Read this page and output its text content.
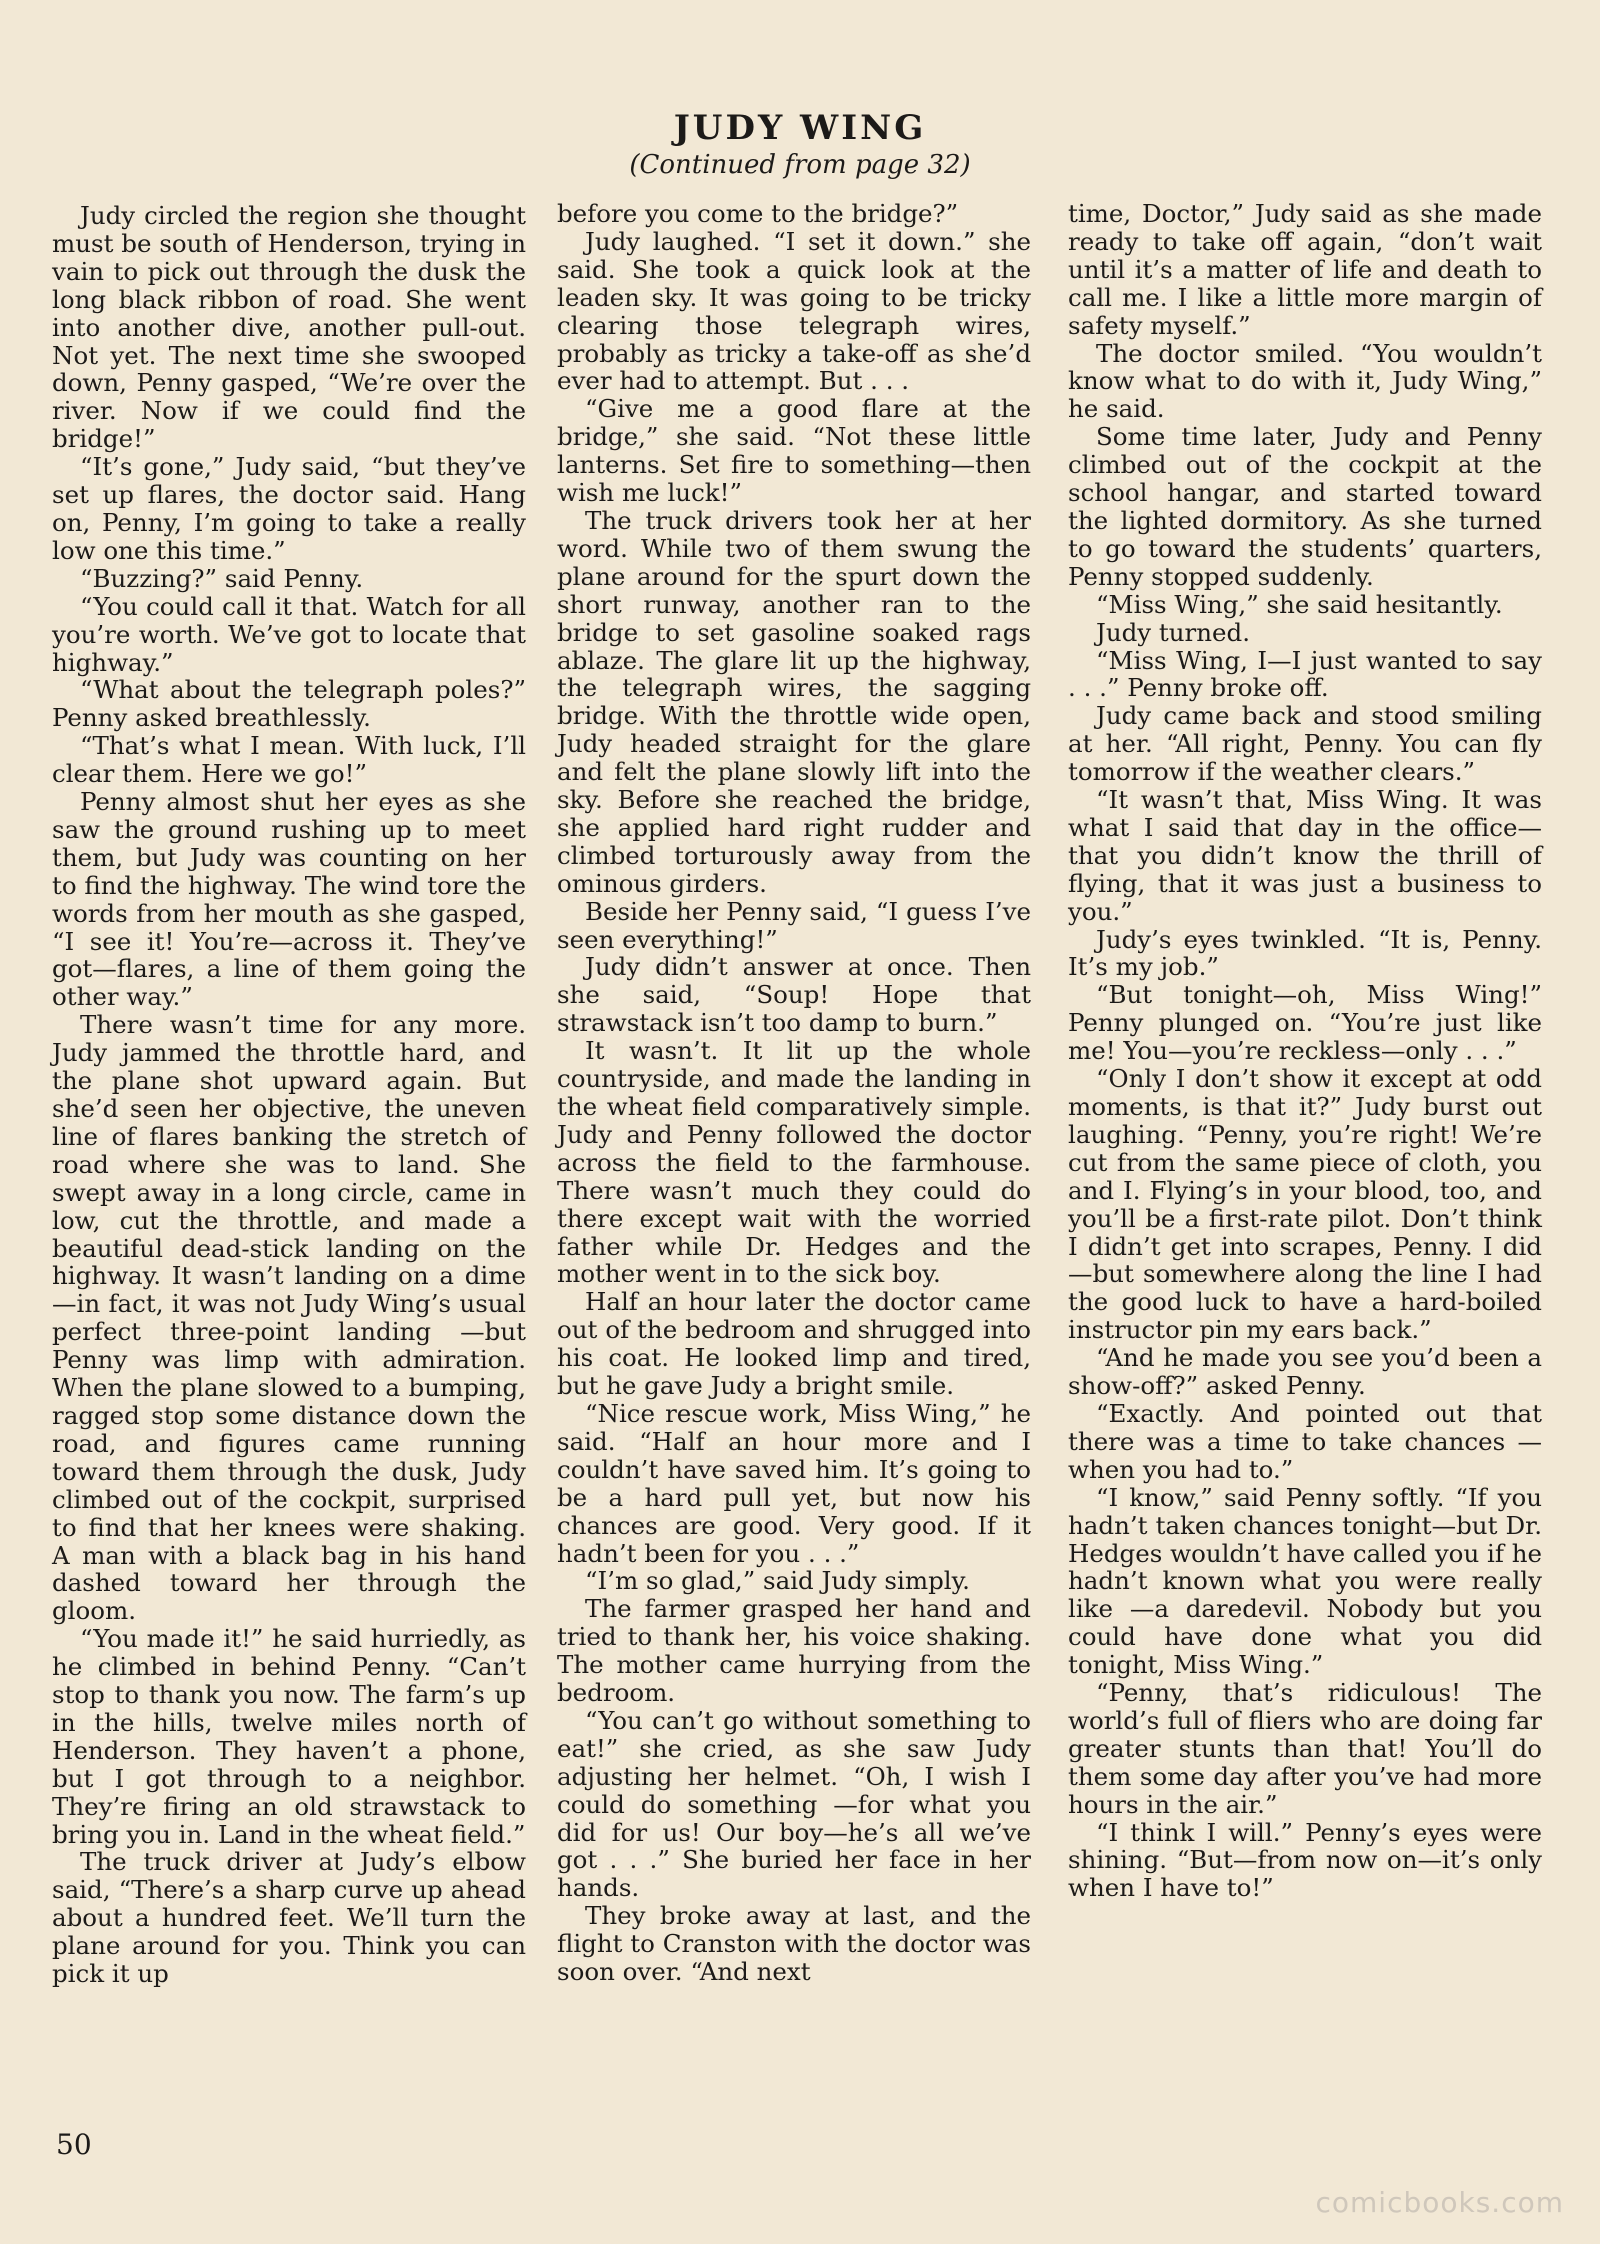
JUDY WING
(Continued from page 32)

Judy circled the region she thought must be south of Henderson, trying in vain to pick out through the dusk the long black ribbon of road. She went into another dive, another pull-out. Not yet. The next time she swooped down, Penny gasped, “We’re over the river. Now if we could find the bridge!”

“It’s gone,” Judy said, “but they’ve set up flares, the doctor said. Hang on, Penny, I’m going to take a really low one this time.”

“Buzzing?” said Penny.

“You could call it that. Watch for all you’re worth. We’ve got to locate that highway.”

“What about the telegraph poles?” Penny asked breathlessly.

“That’s what I mean. With luck, I’ll clear them. Here we go!”

Penny almost shut her eyes as she saw the ground rushing up to meet them, but Judy was counting on her to find the highway. The wind tore the words from her mouth as she gasped, “I see it! You’re—across it. They’ve got—flares, a line of them going the other way.”

There wasn’t time for any more. Judy jammed the throttle hard, and the plane shot upward again. But she’d seen her objective, the uneven line of flares banking the stretch of road where she was to land. She swept away in a long circle, came in low, cut the throttle, and made a beautiful dead-stick landing on the highway. It wasn’t landing on a dime —in fact, it was not Judy Wing’s usual perfect three-point landing —but Penny was limp with admiration. When the plane slowed to a bumping, ragged stop some distance down the road, and figures came running toward them through the dusk, Judy climbed out of the cockpit, surprised to find that her knees were shaking. A man with a black bag in his hand dashed toward her through the gloom.

“You made it!” he said hurriedly, as he climbed in behind Penny. “Can’t stop to thank you now. The farm’s up in the hills, twelve miles north of Henderson. They haven’t a phone, but I got through to a neighbor. They’re firing an old strawstack to bring you in. Land in the wheat field.”

The truck driver at Judy’s elbow said, “There’s a sharp curve up ahead about a hundred feet. We’ll turn the plane around for you. Think you can pick it up

before you come to the bridge?”

Judy laughed. “I set it down.” she said. She took a quick look at the leaden sky. It was going to be tricky clearing those telegraph wires, probably as tricky a take-off as she’d ever had to attempt. But . . .

“Give me a good flare at the bridge,” she said. “Not these little lanterns. Set fire to something—then wish me luck!”

The truck drivers took her at her word. While two of them swung the plane around for the spurt down the short runway, another ran to the bridge to set gasoline soaked rags ablaze. The glare lit up the highway, the telegraph wires, the sagging bridge. With the throttle wide open, Judy headed straight for the glare and felt the plane slowly lift into the sky. Before she reached the bridge, she applied hard right rudder and climbed torturously away from the ominous girders.

Beside her Penny said, “I guess I’ve seen everything!”

Judy didn’t answer at once. Then she said, “Soup! Hope that strawstack isn’t too damp to burn.”

It wasn’t. It lit up the whole countryside, and made the landing in the wheat field comparatively simple. Judy and Penny followed the doctor across the field to the farmhouse. There wasn’t much they could do there except wait with the worried father while Dr. Hedges and the mother went in to the sick boy.

Half an hour later the doctor came out of the bedroom and shrugged into his coat. He looked limp and tired, but he gave Judy a bright smile.

“Nice rescue work, Miss Wing,” he said. “Half an hour more and I couldn’t have saved him. It’s going to be a hard pull yet, but now his chances are good. Very good. If it hadn’t been for you . . .”

“I’m so glad,” said Judy simply.

The farmer grasped her hand and tried to thank her, his voice shaking. The mother came hurrying from the bedroom.

“You can’t go without something to eat!” she cried, as she saw Judy adjusting her helmet. “Oh, I wish I could do something —for what you did for us! Our boy—he’s all we’ve got . . .” She buried her face in her hands.

They broke away at last, and the flight to Cranston with the doctor was soon over. “And next

time, Doctor,” Judy said as she made ready to take off again, “don’t wait until it’s a matter of life and death to call me. I like a little more margin of safety myself.”

The doctor smiled. “You wouldn’t know what to do with it, Judy Wing,” he said.

Some time later, Judy and Penny climbed out of the cockpit at the school hangar, and started toward the lighted dormitory. As she turned to go toward the students’ quarters, Penny stopped suddenly.

“Miss Wing,” she said hesitantly.

Judy turned.

“Miss Wing, I—I just wanted to say . . .” Penny broke off.

Judy came back and stood smiling at her. “All right, Penny. You can fly tomorrow if the weather clears.”

“It wasn’t that, Miss Wing. It was what I said that day in the office—that you didn’t know the thrill of flying, that it was just a business to you.”

Judy’s eyes twinkled. “It is, Penny. It’s my job.”

“But tonight—oh, Miss Wing!” Penny plunged on. “You’re just like me! You—you’re reckless—only . . .”

“Only I don’t show it except at odd moments, is that it?” Judy burst out laughing. “Penny, you’re right! We’re cut from the same piece of cloth, you and I. Flying’s in your blood, too, and you’ll be a first-rate pilot. Don’t think I didn’t get into scrapes, Penny. I did—but somewhere along the line I had the good luck to have a hard-boiled instructor pin my ears back.”

“And he made you see you’d been a show-off?” asked Penny.

“Exactly. And pointed out that there was a time to take chances —when you had to.”

“I know,” said Penny softly. “If you hadn’t taken chances tonight—but Dr. Hedges wouldn’t have called you if he hadn’t known what you were really like —a daredevil. Nobody but you could have done what you did tonight, Miss Wing.”

“Penny, that’s ridiculous! The world’s full of fliers who are doing far greater stunts than that! You’ll do them some day after you’ve had more hours in the air.”

“I think I will.” Penny’s eyes were shining. “But—from now on—it’s only when I have to!”

50
comicbooks.com
